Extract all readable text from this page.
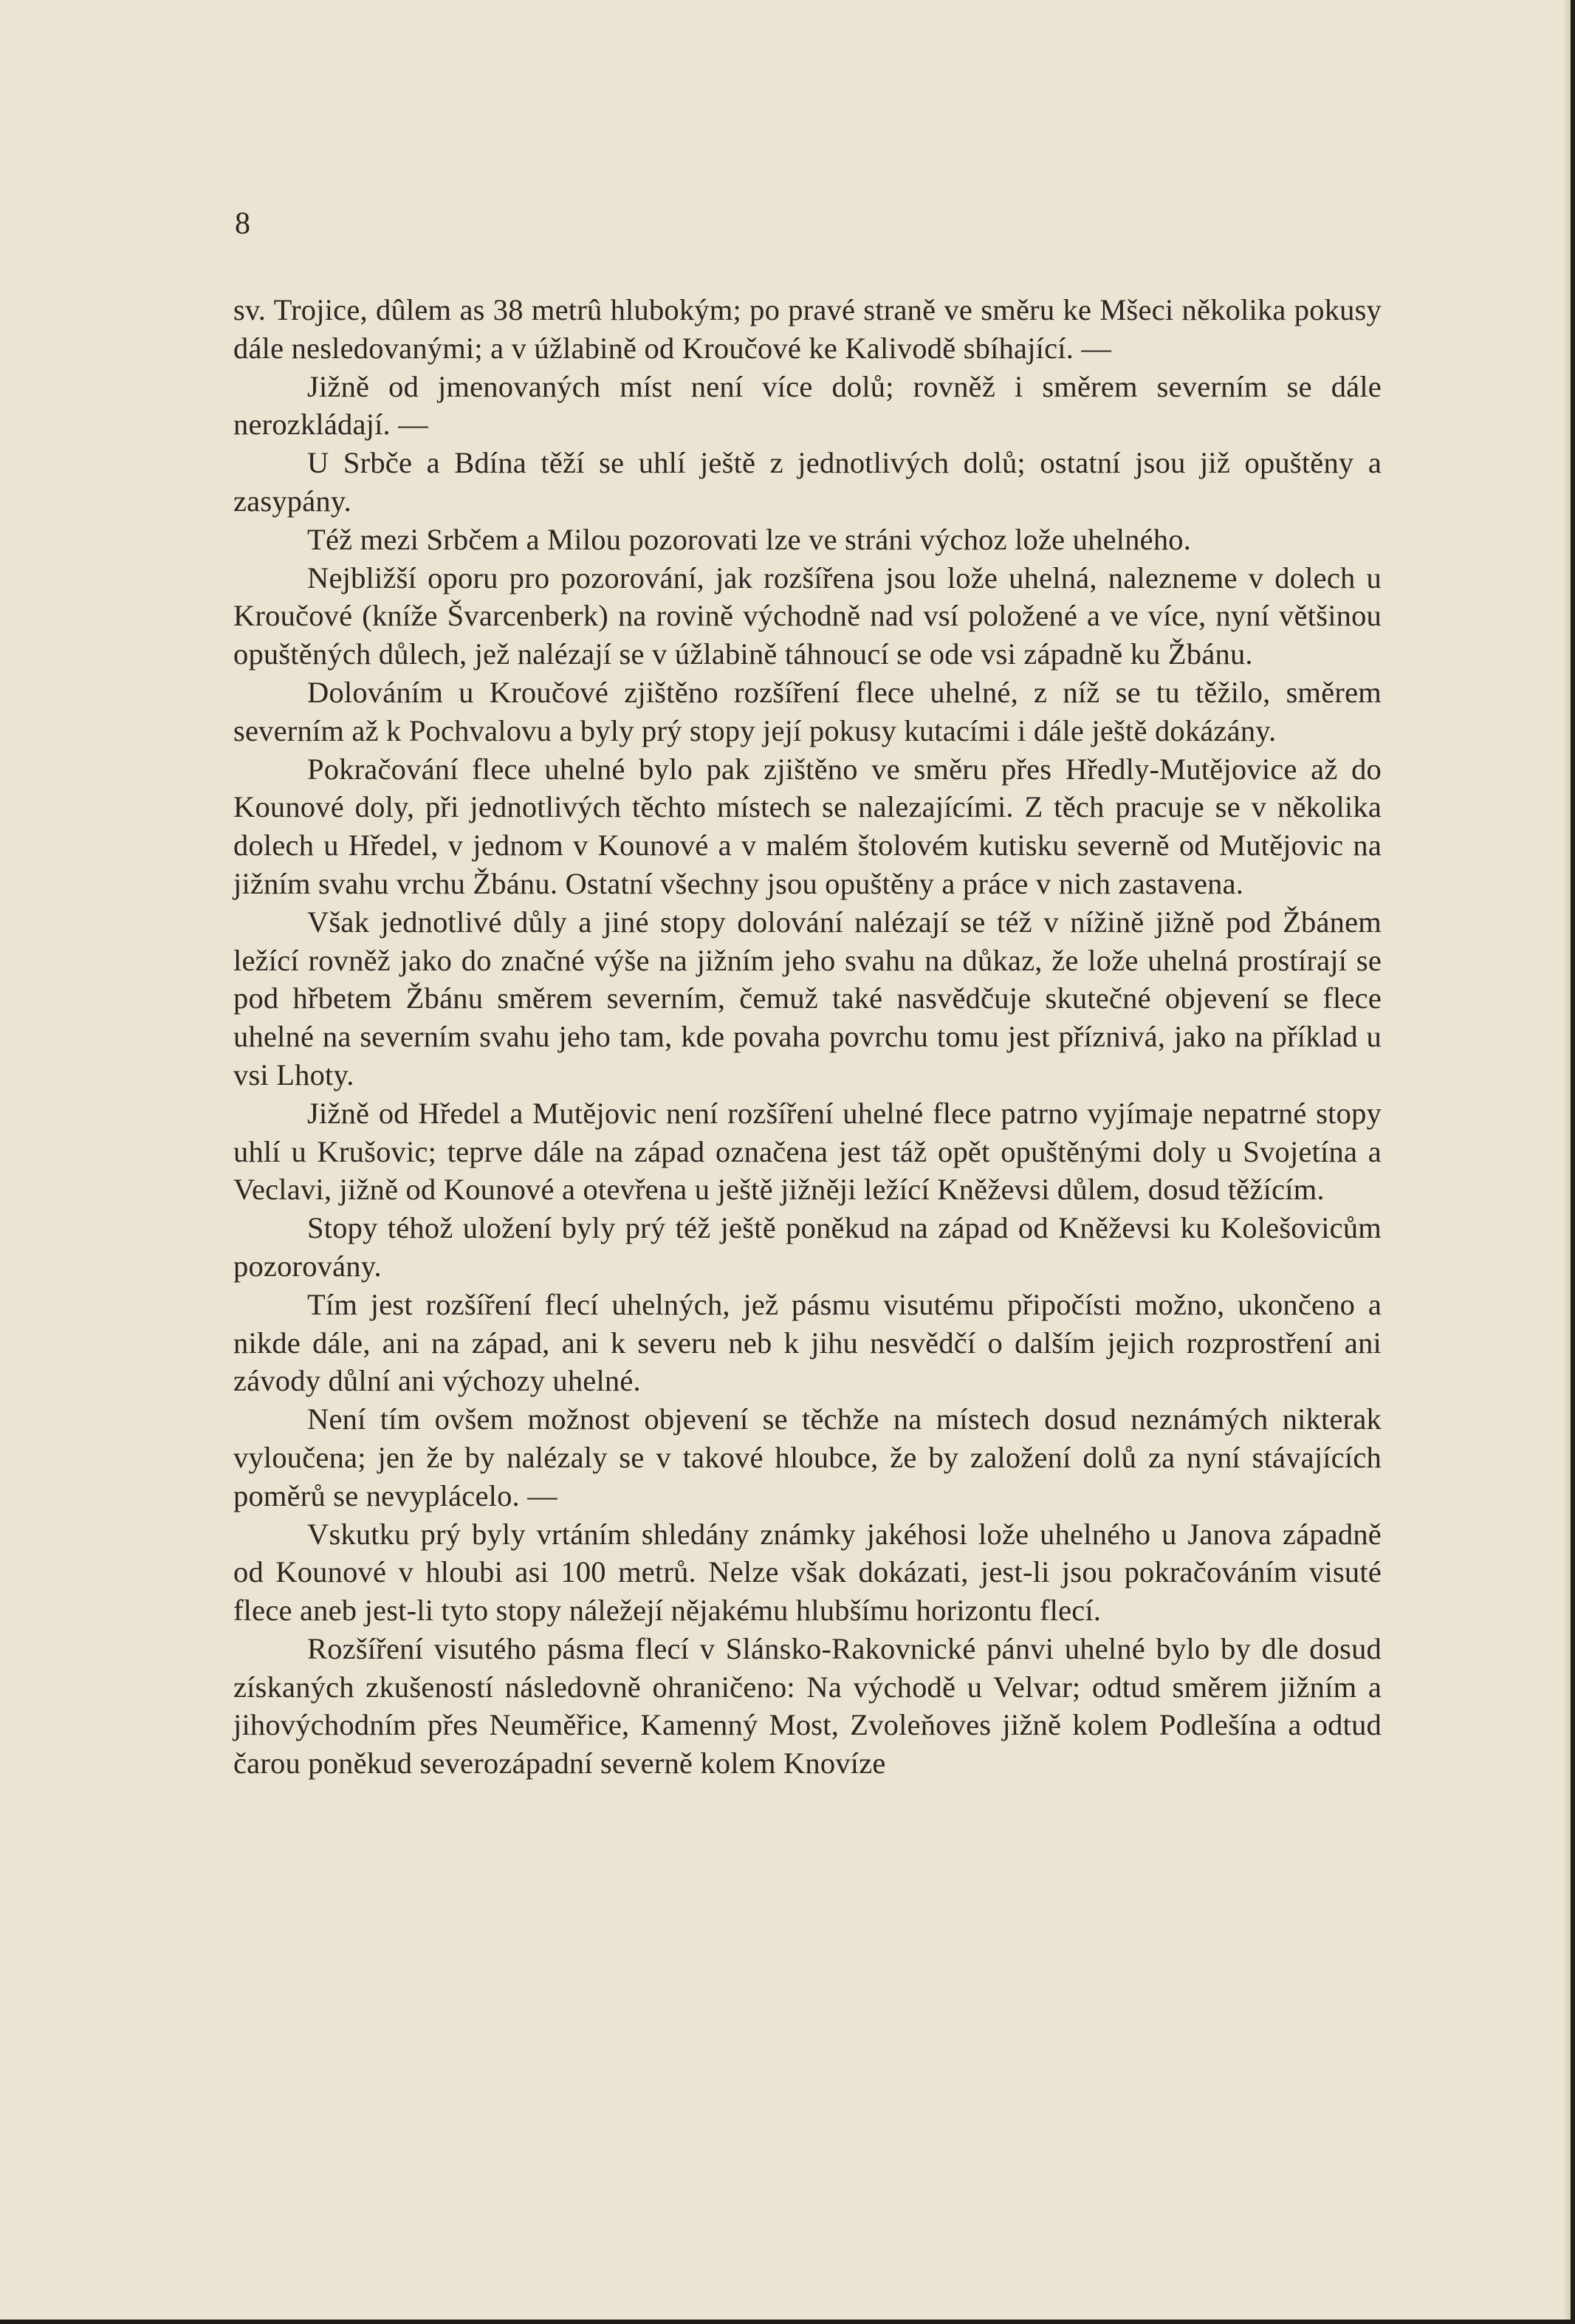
8

sv. Trojice, dûlem as 38 metrû hlubokým; po pravé straně ve směru ke Mšeci několika pokusy dále nesledovanými; a v úžlabině od Kroučové ke Kalivodě sbíhající. —

Jižně od jmenovaných míst není více dolů; rovněž i směrem severním se dále nerozkládají. —

U Srbče a Bdína těží se uhlí ještě z jednotlivých dolů; ostatní jsou již opuštěny a zasypány.

Též mezi Srbčem a Milou pozorovati lze ve stráni výchoz lože uhelného.

Nejbližší oporu pro pozorování, jak rozšířena jsou lože uhelná, nalezneme v dolech u Kroučové (kníže Švarcenberk) na rovině východně nad vsí položené a ve více, nyní většinou opuštěných důlech, jež nalézají se v úžlabině táhnoucí se ode vsi západně ku Žbánu.

Dolováním u Kroučové zjištěno rozšíření flece uhelné, z níž se tu těžilo, směrem severním až k Pochvalovu a byly prý stopy její pokusy kutacími i dále ještě dokázány.

Pokračování flece uhelné bylo pak zjištěno ve směru přes Hředly-Mutějovice až do Kounové doly, při jednotlivých těchto místech se nalezajícími. Z těch pracuje se v několika dolech u Hředel, v jednom v Kounové a v malém štolovém kutisku severně od Mutějovic na jižním svahu vrchu Žbánu. Ostatní všechny jsou opuštěny a práce v nich zastavena.

Však jednotlivé důly a jiné stopy dolování nalézají se též v nížině jižně pod Žbánem ležící rovněž jako do značné výše na jižním jeho svahu na důkaz, že lože uhelná prostírají se pod hřbetem Žbánu směrem severním, čemuž také nasvědčuje skutečné objevení se flece uhelné na severním svahu jeho tam, kde povaha povrchu tomu jest příznivá, jako na příklad u vsi Lhoty.

Jižně od Hředel a Mutějovic není rozšíření uhelné flece patrno vyjímaje nepatrné stopy uhlí u Krušovic; teprve dále na západ označena jest táž opět opuštěnými doly u Svojetína a Veclavi, jižně od Kounové a otevřena u ještě jižněji ležící Kněževsi důlem, dosud těžícím.

Stopy téhož uložení byly prý též ještě poněkud na západ od Kněževsi ku Kolešovicům pozorovány.

Tím jest rozšíření flecí uhelných, jež pásmu visutému připočísti možno, ukončeno a nikde dále, ani na západ, ani k severu neb k jihu nesvědčí o dalším jejich rozprostření ani závody důlní ani výchozy uhelné.

Není tím ovšem možnost objevení se těchže na místech dosud neznámých nikterak vyloučena; jen že by nalézaly se v takové hloubce, že by založení dolů za nyní stávajících poměrů se nevyplácelo. —

Vskutku prý byly vrtáním shledány známky jakéhosi lože uhelného u Janova západně od Kounové v hloubi asi 100 metrů. Nelze však dokázati, jest-li jsou pokračováním visuté flece aneb jest-li tyto stopy náležejí nějakému hlubšímu horizontu flecí.

Rozšíření visutého pásma flecí v Slánsko-Rakovnické pánvi uhelné bylo by dle dosud získaných zkušeností následovně ohraničeno: Na východě u Velvar; odtud směrem jižním a jihovýchodním přes Neuměřice, Kamenný Most, Zvoleňoves jižně kolem Podlešína a odtud čarou poněkud severozápadní severně kolem Knovíze
